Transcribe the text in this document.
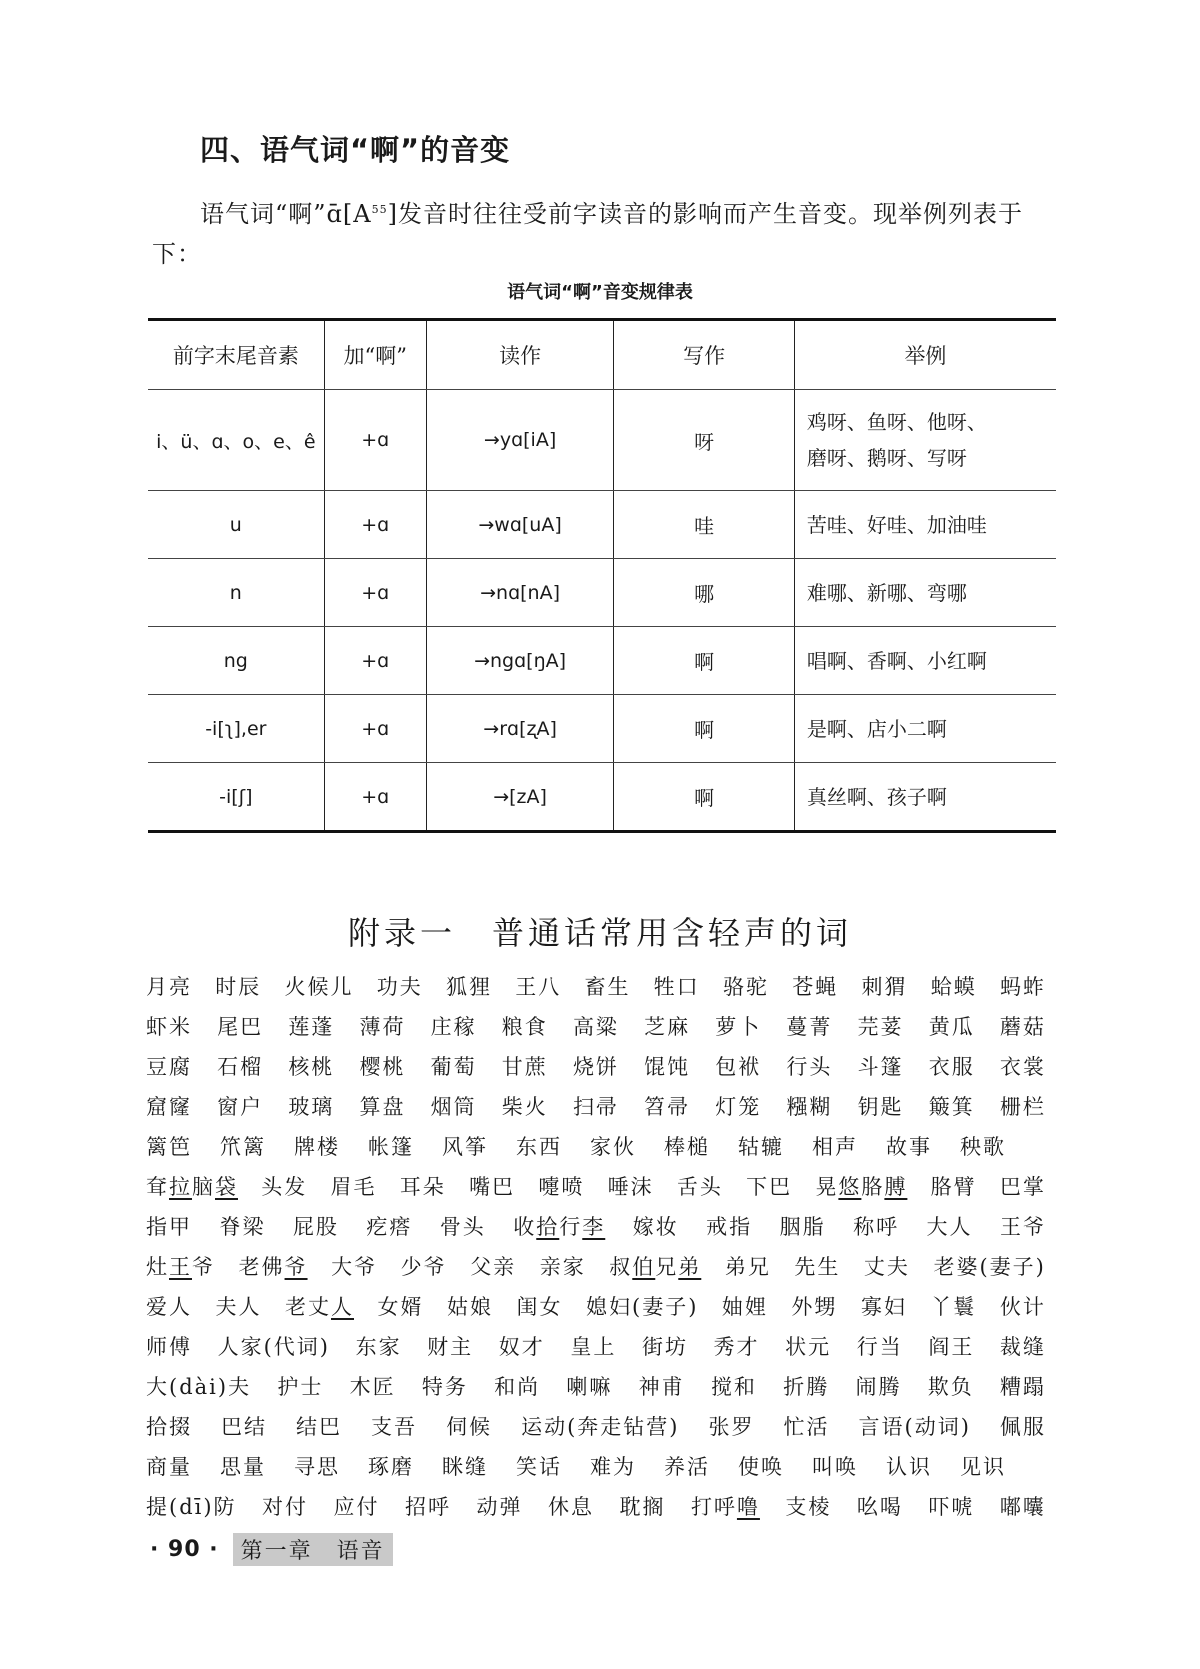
四、语气词“啊”的音变

语气词“啊$”ɑ̄[A^{55}]$发音时往往受前字读音的影响而产生音变。现举例列表于下：

语气词“啊”音变规律表
前字末尾音素	加“啊”	读作	写作	举例
i、ü、ɑ、o、e、ê	+ɑ	→yɑ[iA]	呀	鸡呀、鱼呀、他呀、
磨呀、鹅呀、写呀

u	+ɑ	→wɑ[uA]	哇	苦哇、好哇、加油哇

n	+ɑ	→nɑ[nA]	哪	难哪、新哪、弯哪

ng	+ɑ	→ngɑ[ŋA]	啊	唱啊、香啊、小红啊

-i[ʅ],er	+ɑ	→rɑ[ʐA]	啊	是啊、店小二啊

-i[ʃ]	+ɑ	→[zA]	啊	真丝啊、孩子啊
附录一 普通话常用含轻声的词
月亮 时辰 火候儿 功夫 狐狸 王八 畜生 牲口 骆驼 苍蝇 刺猬 蛤蟆 蚂蚱
虾米 尾巴 莲蓬 薄荷 庄稼 粮食 高粱 芝麻 萝卜 蔓菁 芫荽 黄瓜 蘑菇
豆腐 石榴 核桃 樱桃 葡萄 甘蔗 烧饼 馄饨 包袱 行头 斗篷 衣服 衣裳
窟窿 窗户 玻璃 算盘 烟筒 柴火 扫帚 笤帚 灯笼 糨糊 钥匙 簸箕 栅栏
篱笆 笊篱 牌楼 帐篷 风筝 东西 家伙 棒槌 轱辘 相声 故事 秧歌
耷拉脑袋 头发 眉毛 耳朵 嘴巴 嚏喷 唾沫 舌头 下巴 晃悠胳膊 胳臂 巴掌
指甲 脊梁 屁股 疙瘩 骨头 收拾行李 嫁妆 戒指 胭脂 称呼 大人 王爷
灶王爷 老佛爷 大爷 少爷 父亲 亲家 叔伯兄弟 弟兄 先生 丈夫 老婆(妻子)
爱人 夫人 老丈人 女婿 姑娘 闺女 媳妇(妻子) 妯娌 外甥 寡妇 丫鬟 伙计
师傅 人家(代词) 东家 财主 奴才 皇上 街坊 秀才 状元 行当 阎王 裁缝
大(dài)夫 护士 木匠 特务 和尚 喇嘛 神甫 搅和 折腾 闹腾 欺负 糟蹋
拾掇 巴结 结巴 支吾 伺候 运动(奔走钻营) 张罗 忙活 言语(动词) 佩服
商量 思量 寻思 琢磨 眯缝 笑话 难为 养活 使唤 叫唤 认识 见识
提(dī)防 对付 应付 招呼 动弹 休息 耽搁 打呼噜 支棱 吆喝 吓唬 嘟囔
· 90 ·	第一章　语音
